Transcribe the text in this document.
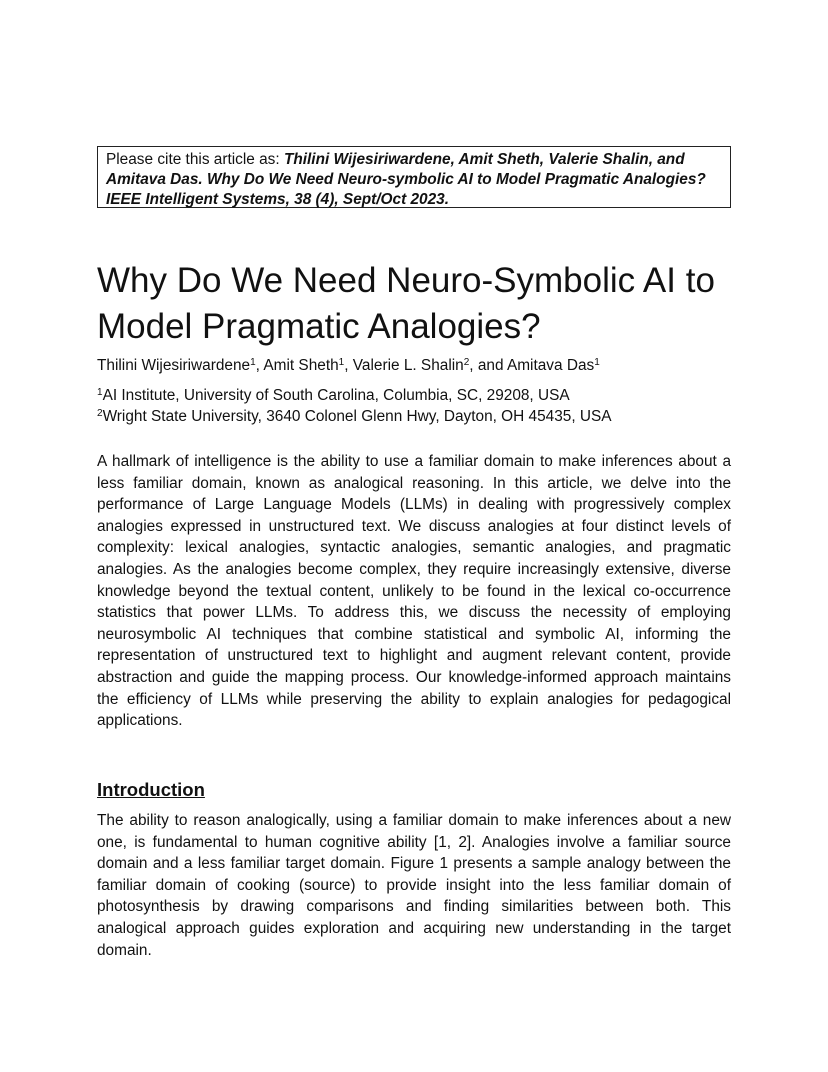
Please cite this article as: Thilini Wijesiriwardene, Amit Sheth, Valerie Shalin, and Amitava Das. Why Do We Need Neuro-symbolic AI to Model Pragmatic Analogies? IEEE Intelligent Systems, 38 (4), Sept/Oct 2023.
Why Do We Need Neuro-Symbolic AI to Model Pragmatic Analogies?
Thilini Wijesiriwardene$^1$, Amit Sheth$^1$, Valerie L. Shalin$^2$, and Amitava Das$^1$
$^1$AI Institute, University of South Carolina, Columbia, SC, 29208, USA
$^2$Wright State University, 3640 Colonel Glenn Hwy, Dayton, OH 45435, USA

A hallmark of intelligence is the ability to use a familiar domain to make inferences about a less familiar domain, known as analogical reasoning. In this article, we delve into the performance of Large Language Models (LLMs) in dealing with progressively complex analogies expressed in unstructured text. We discuss analogies at four distinct levels of complexity: lexical analogies, syntactic analogies, semantic analogies, and pragmatic analogies. As the analogies become complex, they require increasingly extensive, diverse knowledge beyond the textual content, unlikely to be found in the lexical co-occurrence statistics that power LLMs. To address this, we discuss the necessity of employing neurosymbolic AI techniques that combine statistical and symbolic AI, informing the representation of unstructured text to highlight and augment relevant content, provide abstraction and guide the mapping process. Our knowledge-informed approach maintains the efficiency of LLMs while preserving the ability to explain analogies for pedagogical applications.

Introduction

The ability to reason analogically, using a familiar domain to make inferences about a new one, is fundamental to human cognitive ability [1, 2]. Analogies involve a familiar source domain and a less familiar target domain. Figure 1 presents a sample analogy between the familiar domain of cooking (source) to provide insight into the less familiar domain of photosynthesis by drawing comparisons and finding similarities between both. This analogical approach guides exploration and acquiring new understanding in the target domain.
